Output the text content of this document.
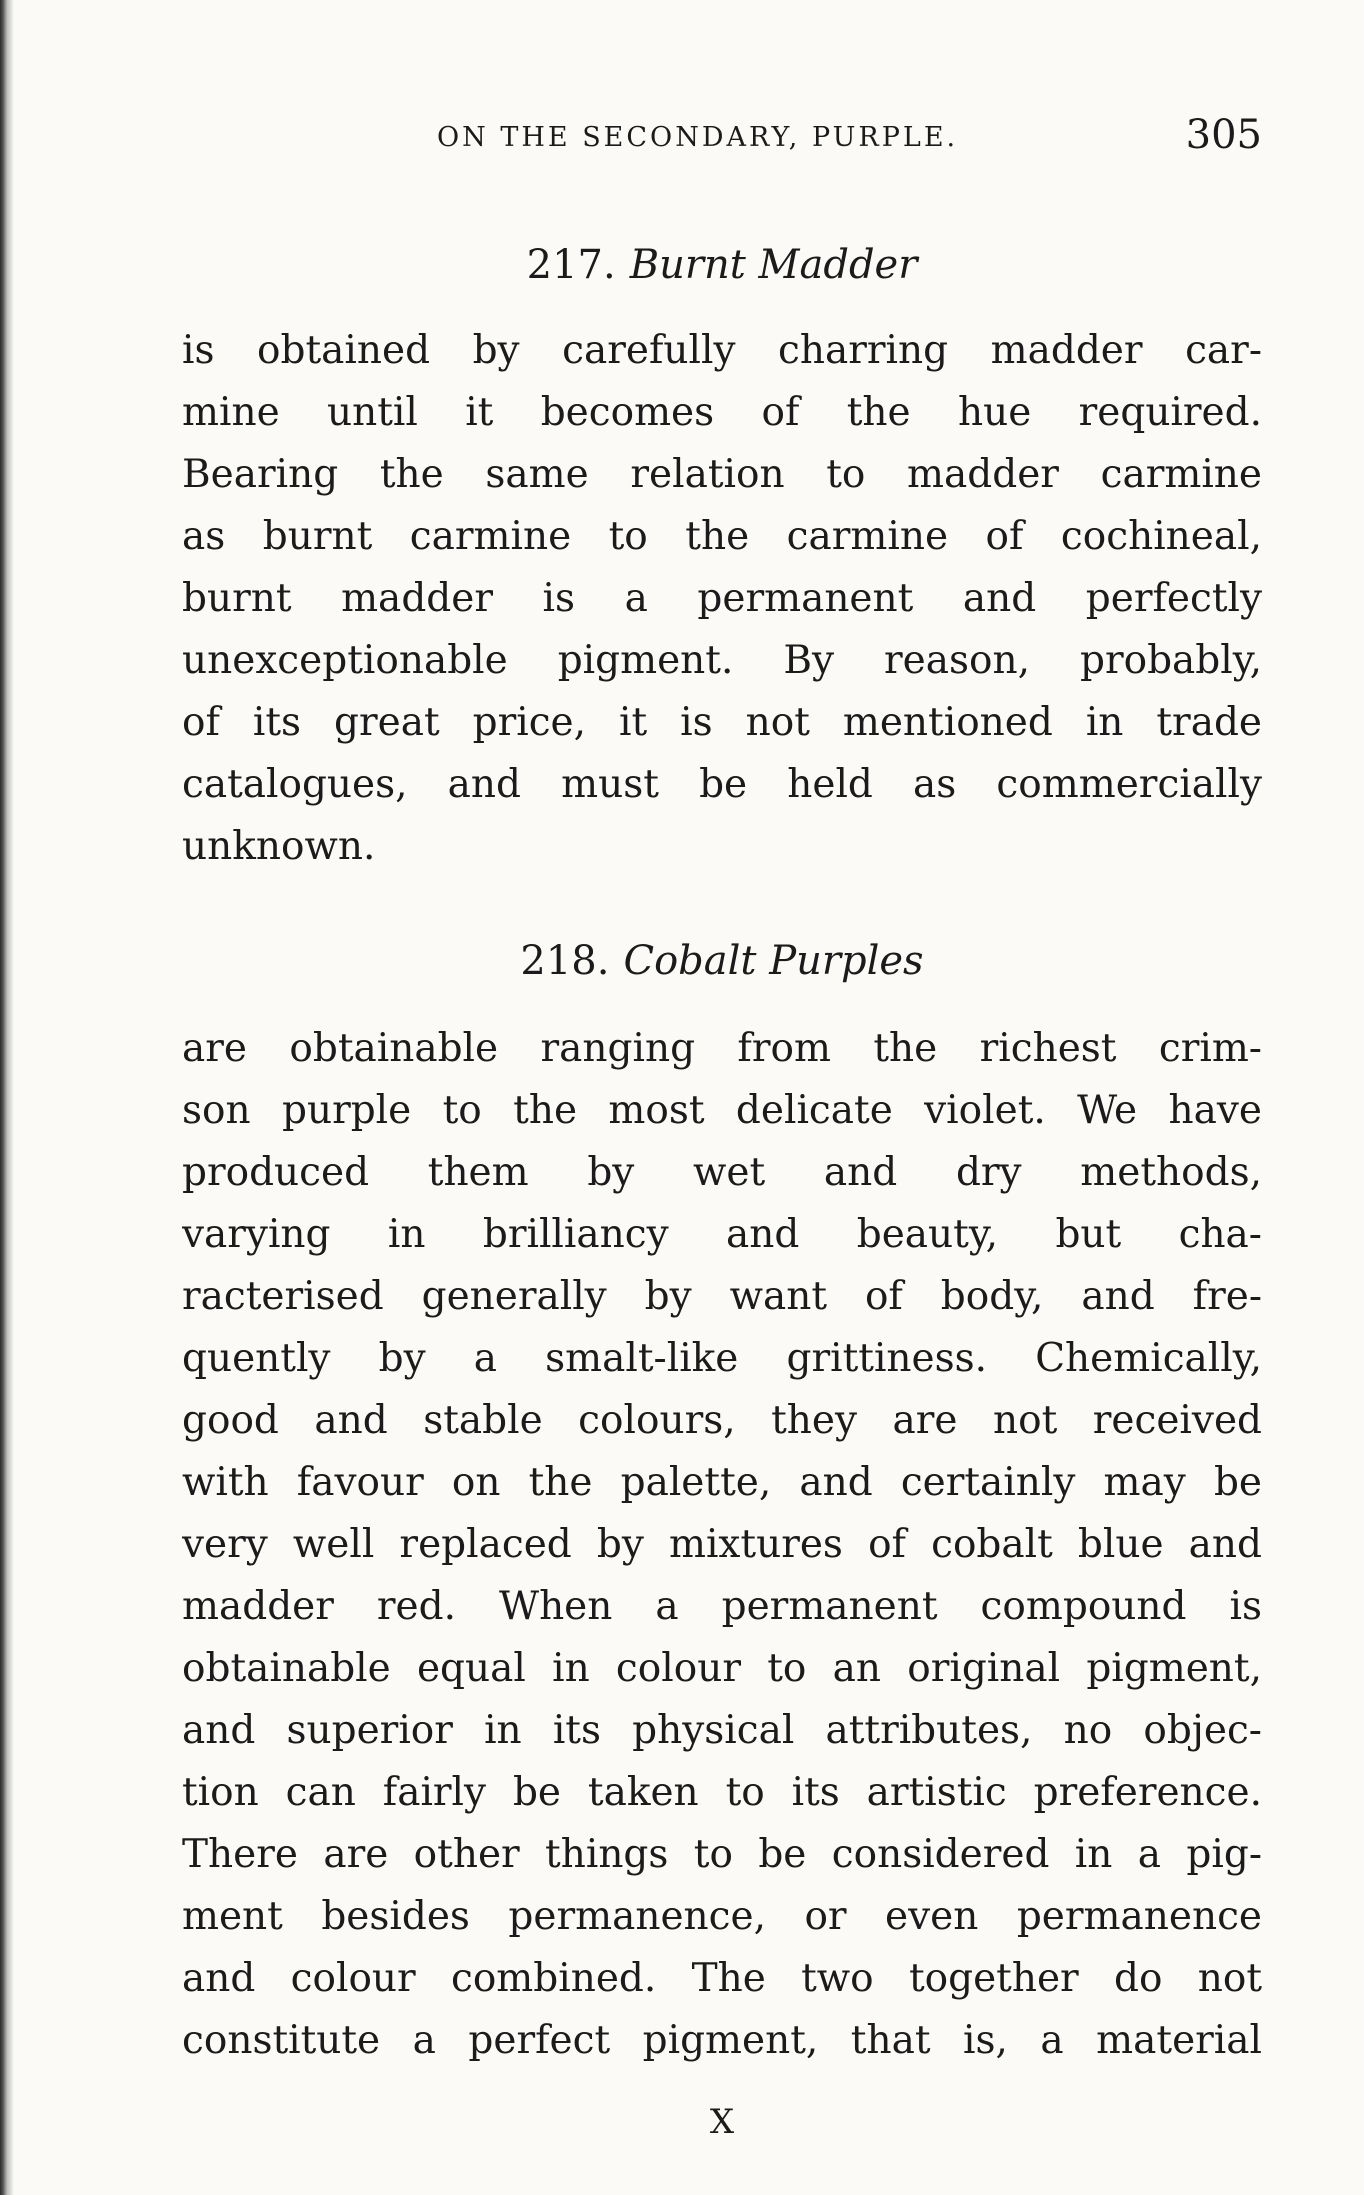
ON THE SECONDARY, PURPLE.	305
217. Burnt Madder
is obtained by carefully charring madder car-
mine until it becomes of the hue required.
Bearing the same relation to madder carmine
as burnt carmine to the carmine of cochineal,
burnt madder is a permanent and perfectly
unexceptionable pigment. By reason, probably,
of its great price, it is not mentioned in trade
catalogues, and must be held as commercially
unknown.
218. Cobalt Purples
are obtainable ranging from the richest crim-
son purple to the most delicate violet. We have
produced them by wet and dry methods,
varying in brilliancy and beauty, but cha-
racterised generally by want of body, and fre-
quently by a smalt-like grittiness. Chemically,
good and stable colours, they are not received
with favour on the palette, and certainly may be
very well replaced by mixtures of cobalt blue and
madder red. When a permanent compound is
obtainable equal in colour to an original pigment,
and superior in its physical attributes, no objec-
tion can fairly be taken to its artistic preference.
There are other things to be considered in a pig-
ment besides permanence, or even permanence
and colour combined. The two together do not
constitute a perfect pigment, that is, a material
X
